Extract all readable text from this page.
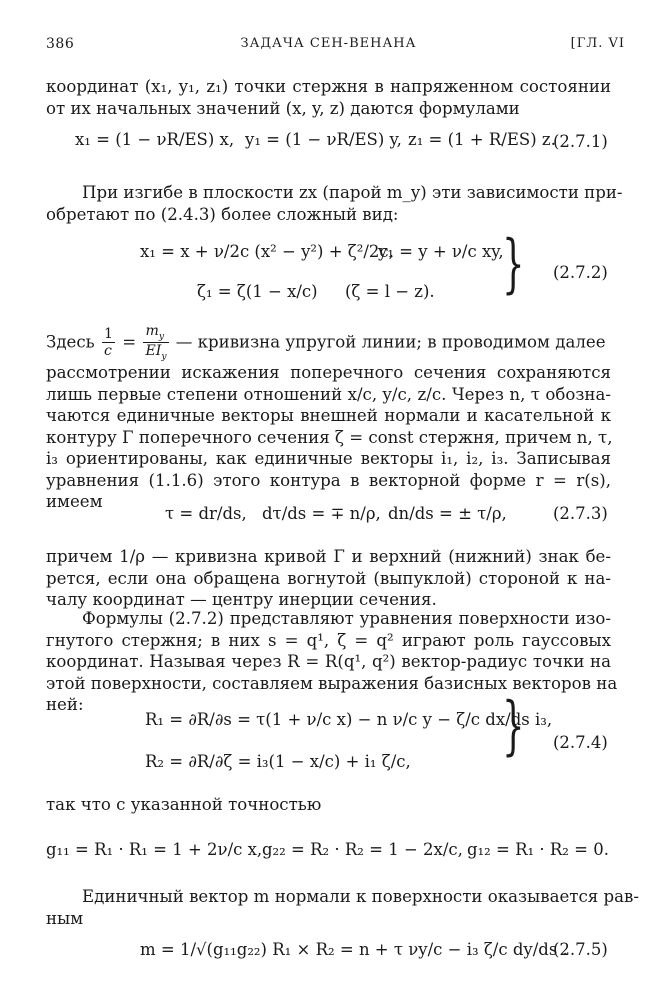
386	ЗАДАЧА СЕН-ВЕНАНА	[ГЛ. VI
координат (x₁, y₁, z₁) точки стержня в напряженном состоянии
от их начальных значений (x, y, z) даются формулами
x₁ = (1 − νR/ES) x, y₁ = (1 − νR/ES) y, z₁ = (1 + R/ES) z.
(2.7.1)
При изгибе в плоскости zx (парой m_y) эти зависимости при-
обретают по (2.4.3) более сложный вид:
x₁ = x + ν/2c (x² − y²) + ζ²/2c,
y₁ = y + ν/c xy,
ζ₁ = ζ(1 − x/c) (ζ = l − z). } (2.7.2)
Здесь $\frac{1}{c} = \frac{m_y}{EI_y}$ — кривизна упругой линии; в проводимом далее
рассмотрении искажения поперечного сечения сохраняются
лишь первые степени отношений x/c, y/c, z/c. Через n, τ обозна-
чаются единичные векторы внешней нормали и касательной к
контуру Γ поперечного сечения ζ = const стержня, причем n, τ,
i₃ ориентированы, как единичные векторы i₁, i₂, i₃. Записывая
уравнения (1.1.6) этого контура в векторной форме r = r(s),
имеем
τ = dr/ds, dτ/ds = ∓ n/ρ, dn/ds = ± τ/ρ,	(2.7.3)
причем 1/ρ — кривизна кривой Γ и верхний (нижний) знак бе-
рется, если она обращена вогнутой (выпуклой) стороной к на-
чалу координат — центру инерции сечения.
Формулы (2.7.2) представляют уравнения поверхности изо-
гнутого стержня; в них s = q¹, ζ = q² играют роль гауссовых
координат. Называя через R = R(q¹, q²) вектор-радиус точки на
этой поверхности, составляем выражения базисных векторов на
ней:
R₁ = ∂R/∂s = τ(1 + ν/c x) − n ν/c y − ζ/c dx/ds i₃,
R₂ = ∂R/∂ζ = i₃(1 − x/c) + i₁ ζ/c, } (2.7.4)
так что с указанной точностью
g₁₁ = R₁ · R₁ = 1 + 2ν/c x, g₂₂ = R₂ · R₂ = 1 − 2x/c, g₁₂ = R₁ · R₂ = 0.
Единичный вектор m нормали к поверхности оказывается рав-
ным
m = 1/√(g₁₁g₂₂) R₁ × R₂ = n + τ νy/c − i₃ ζ/c dy/ds .
(2.7.5)
